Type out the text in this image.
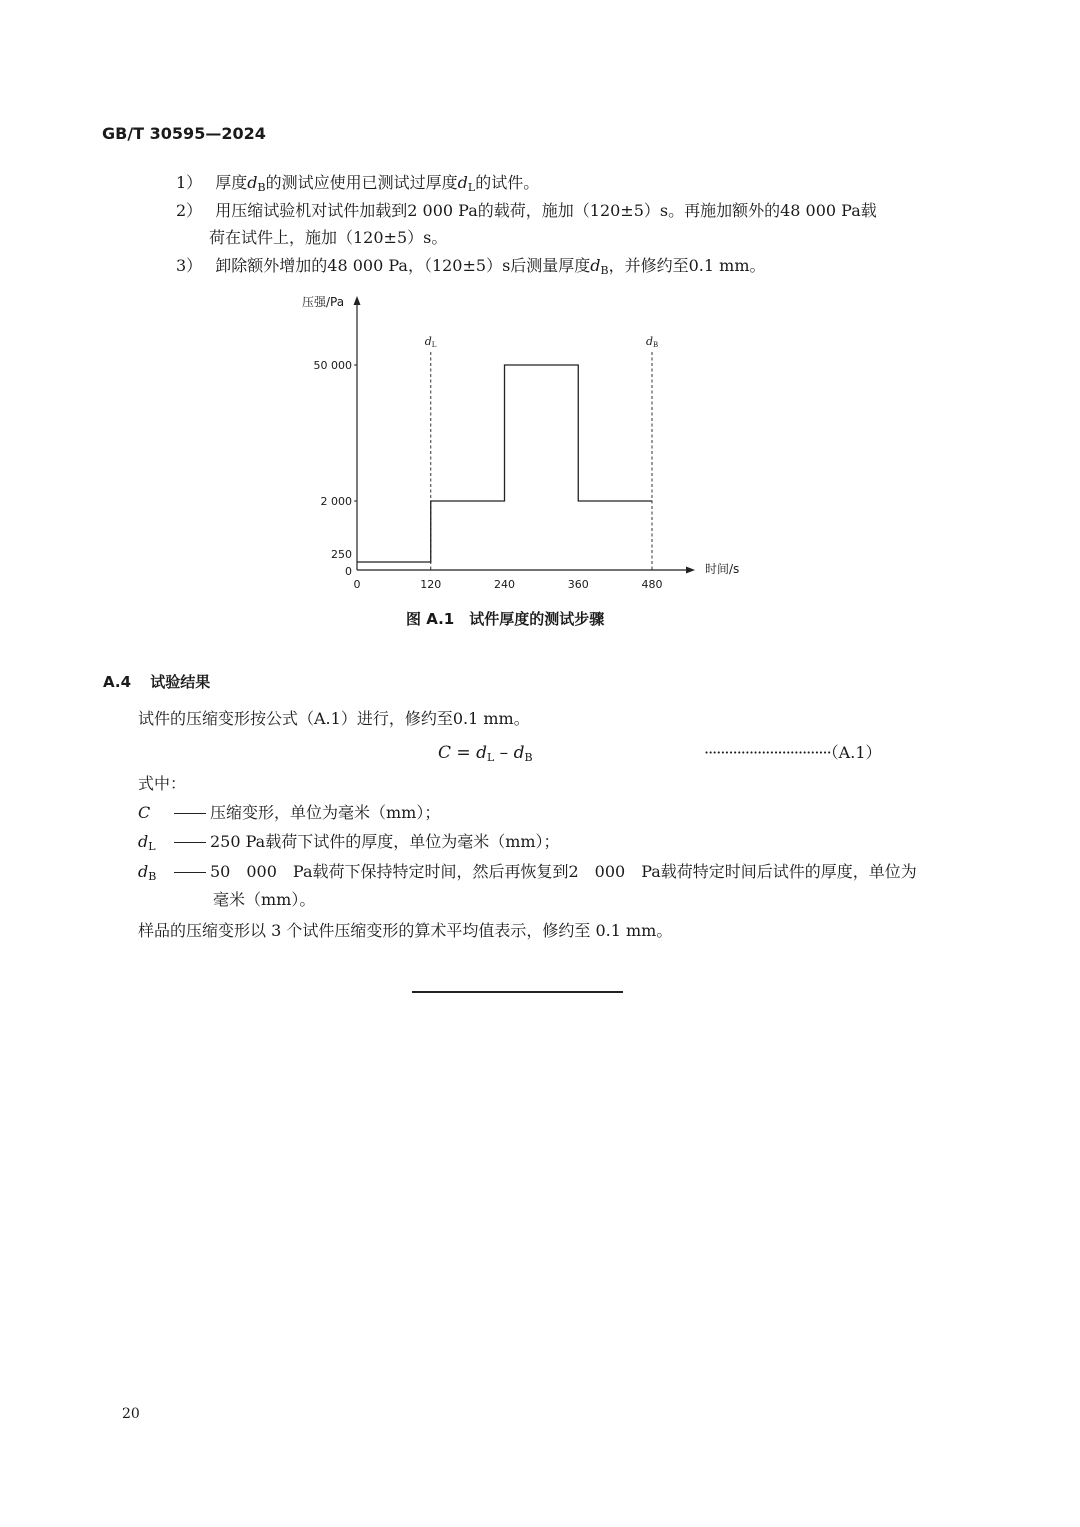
GB/T 30595—2024
1） 厚度$d_B$的测试应使用已测试过厚度$d_L$的试件。
2） 用压缩试验机对试件加载到2 000 Pa的载荷，施加（120±5）s。再施加额外的48 000 Pa载
荷在试件上，施加（120±5）s。
3） 卸除额外增加的48 000 Pa，（120±5）s后测量厚度$d_B$，并修约至0.1 mm。
压强/Pa
时间/s
0	120	240	360	480
0
250
2 000
50 000
dL	dB
图 A.1　试件厚度的测试步骤
A.4 试验结果
试件的压缩变形按公式（A.1）进行，修约至0.1 mm。
$C = d_L - d_B$	·······························（A.1）
式中：
C	压缩变形，单位为毫米（mm）；
$d_L$	250 Pa载荷下试件的厚度，单位为毫米（mm）；
$d_B$	50　000　Pa载荷下保持特定时间，然后再恢复到2　000　Pa载荷特定时间后试件的厚度，单位为
毫米（mm）。
样品的压缩变形以 3 个试件压缩变形的算术平均值表示，修约至 0.1 mm。
20
